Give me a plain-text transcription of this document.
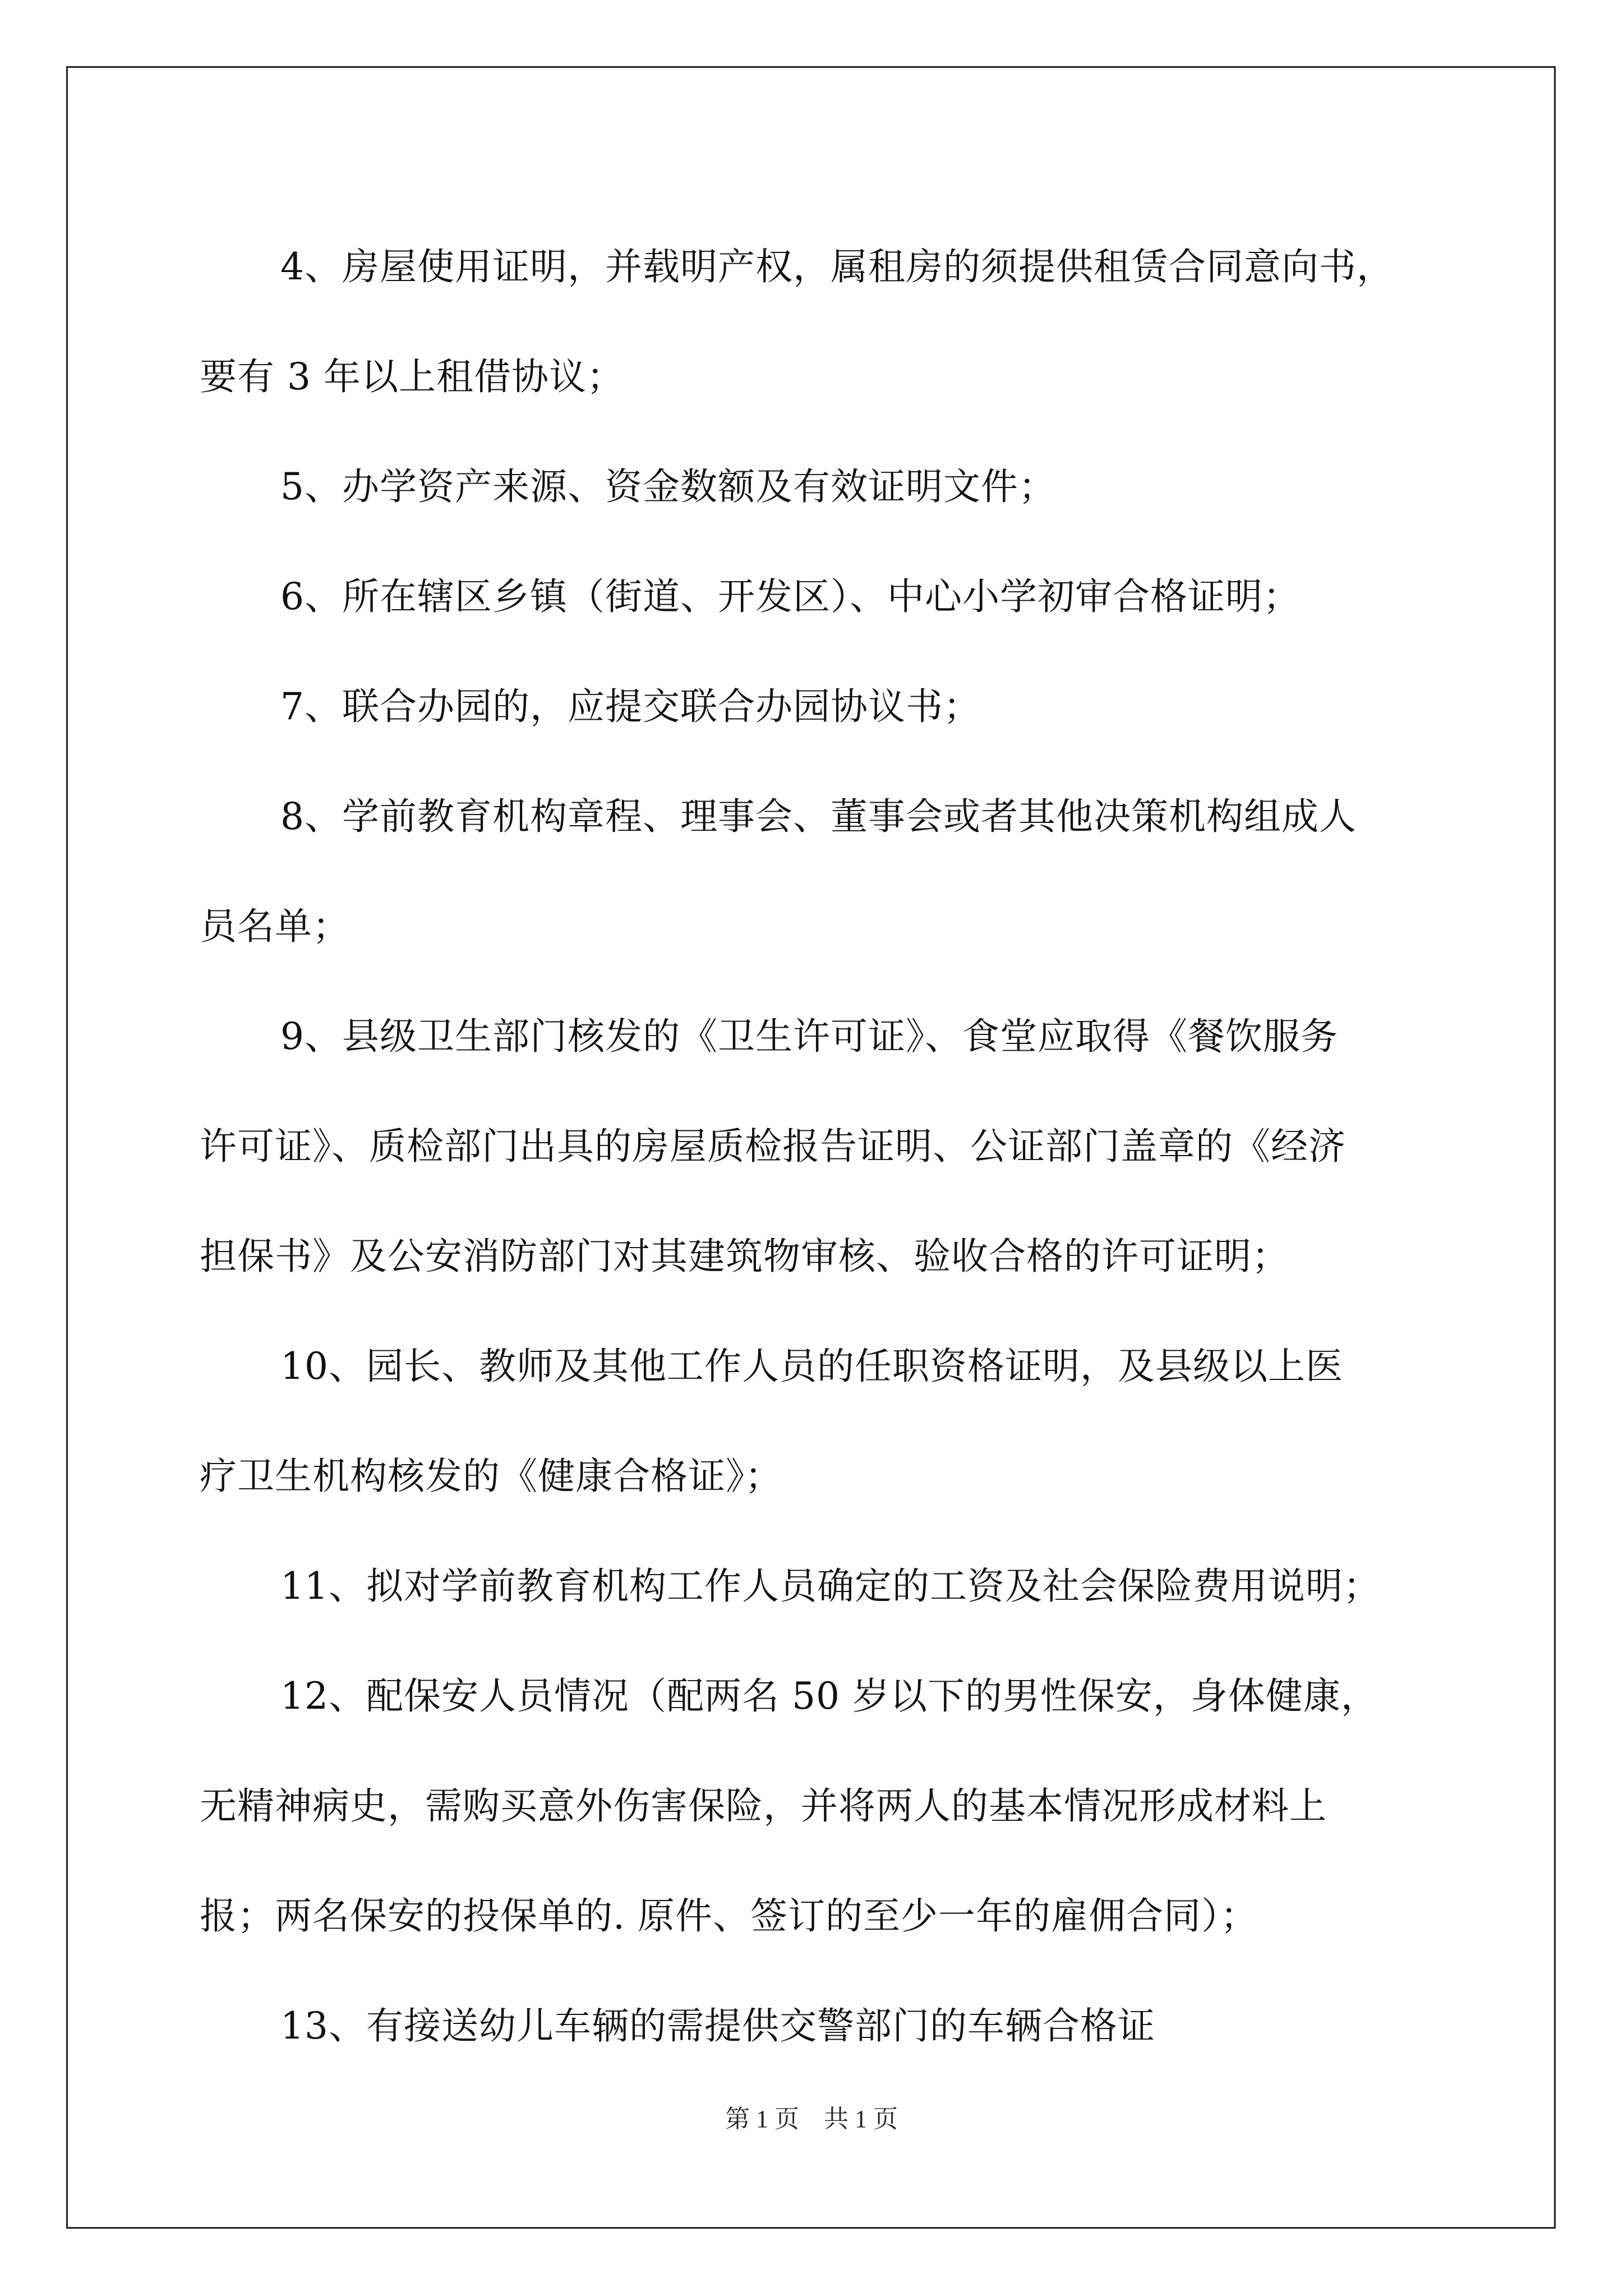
4、房屋使用证明，并载明产权，属租房的须提供租赁合同意向书，
要有 3 年以上租借协议；
5、办学资产来源、资金数额及有效证明文件；
6、所在辖区乡镇（街道、开发区）、中心小学初审合格证明；
7、联合办园的，应提交联合办园协议书；
8、学前教育机构章程、理事会、董事会或者其他决策机构组成人
员名单；
9、县级卫生部门核发的《卫生许可证》、食堂应取得《餐饮服务
许可证》、质检部门出具的房屋质检报告证明、公证部门盖章的《经济
担保书》及公安消防部门对其建筑物审核、验收合格的许可证明；
10、园长、教师及其他工作人员的任职资格证明，及县级以上医
疗卫生机构核发的《健康合格证》；
11、拟对学前教育机构工作人员确定的工资及社会保险费用说明；
12、配保安人员情况（配两名 50 岁以下的男性保安，身体健康，
无精神病史，需购买意外伤害保险，并将两人的基本情况形成材料上
报；两名保安的投保单的. 原件、签订的至少一年的雇佣合同）；
13、有接送幼儿车辆的需提供交警部门的车辆合格证
第 1 页　共 1 页
